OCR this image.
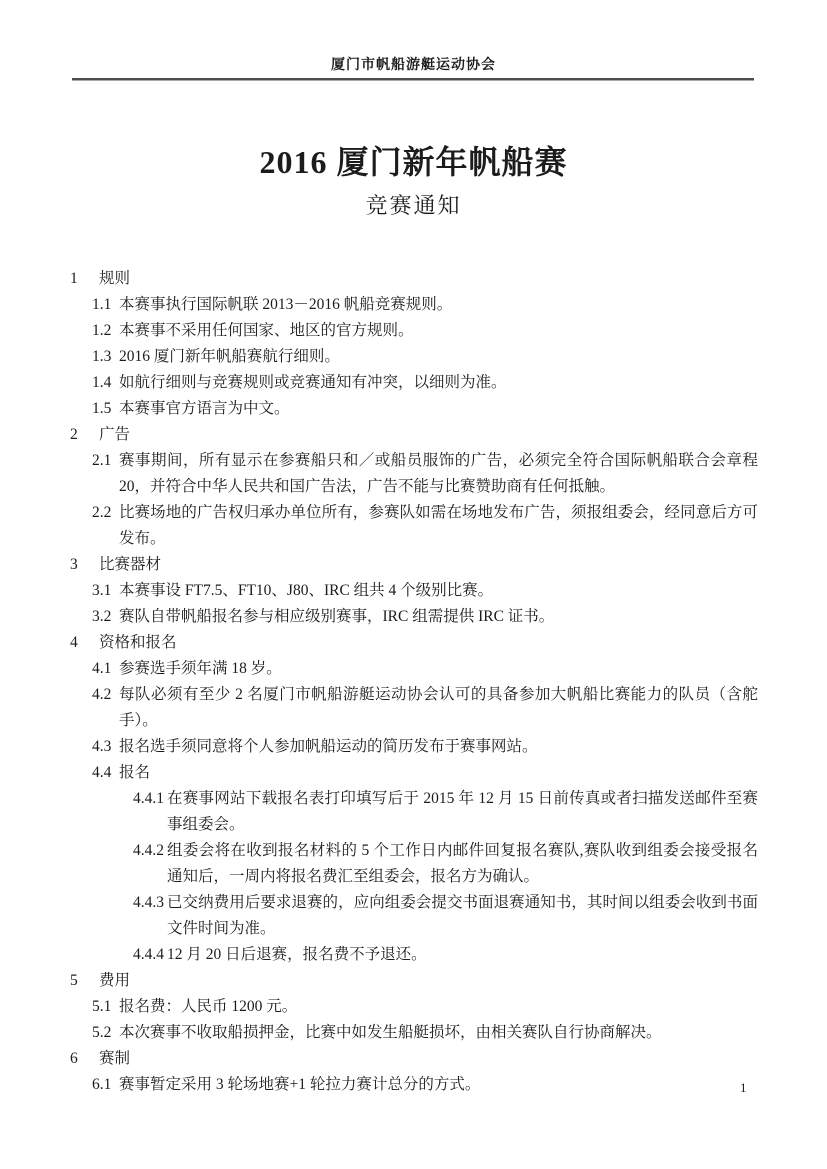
厦门市帆船游艇运动协会
2016 厦门新年帆船赛
竞赛通知
1	规则
1.1 本赛事执行国际帆联 2013－2016 帆船竞赛规则。
1.2 本赛事不采用任何国家、地区的官方规则。
1.3 2016 厦门新年帆船赛航行细则。
1.4 如航行细则与竞赛规则或竞赛通知有冲突，以细则为准。
1.5 本赛事官方语言为中文。
2	广告
2.1 赛事期间，所有显示在参赛船只和／或船员服饰的广告，必须完全符合国际帆船联合会章程 20，并符合中华人民共和国广告法，广告不能与比赛赞助商有任何抵触。
2.2 比赛场地的广告权归承办单位所有，参赛队如需在场地发布广告，须报组委会，经同意后方可发布。
3	比赛器材
3.1 本赛事设 FT7.5、FT10、J80、IRC 组共 4 个级别比赛。
3.2 赛队自带帆船报名参与相应级别赛事，IRC 组需提供 IRC 证书。
4	资格和报名
4.1 参赛选手须年满 18 岁。
4.2 每队必须有至少 2 名厦门市帆船游艇运动协会认可的具备参加大帆船比赛能力的队员（含舵手）。
4.3 报名选手须同意将个人参加帆船运动的简历发布于赛事网站。
4.4 报名
4.4.1 在赛事网站下载报名表打印填写后于 2015 年 12 月 15 日前传真或者扫描发送邮件至赛事组委会。
4.4.2 组委会将在收到报名材料的 5 个工作日内邮件回复报名赛队,赛队收到组委会接受报名通知后，一周内将报名费汇至组委会，报名方为确认。
4.4.3 已交纳费用后要求退赛的，应向组委会提交书面退赛通知书，其时间以组委会收到书面文件时间为准。
4.4.4 12 月 20 日后退赛，报名费不予退还。
5	费用
5.1 报名费：人民币 1200 元。
5.2 本次赛事不收取船损押金，比赛中如发生船艇损坏，由相关赛队自行协商解决。
6	赛制
6.1 赛事暂定采用 3 轮场地赛+1 轮拉力赛计总分的方式。	1
